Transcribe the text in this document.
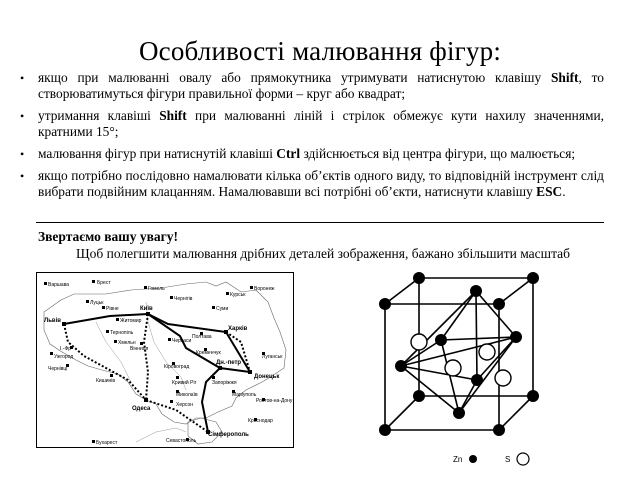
Особливості малювання фігур:
• якщо при малюванні овалу або прямокутника утримувати натиснутою клавішу Shift, то створюватимуться фігури правильної форми – круг або квадрат;
• утримання клавіші Shift при малюванні ліній і стрілок обмежує кути нахилу значеннями, кратними 15°;
• малювання фігур при натиснутій клавіші Ctrl здійснюється від центра фігури, що малюється;
• якщо потрібно послідовно намалювати кілька об’єктів одного виду, то відповідній інструмент слід вибрати подвійним клацанням. Намалювавши всі потрібні об’єкти, натиснути клавішу ESC.

Звертаємо вашу увагу!

Щоб полегшити малювання дрібних деталей зображення, бажано збільшити масштаб

Варшава	Брест
Гомель
Курськ
Воронеж
Луцьк
Рівне
Львів	Житомир
Київ
Чернігів
Суми
Тернопіль
Хмельн
Вінниця
І.-Фр
Ужгород
Чернівці
Кишинів
Черкаси
Полтава
Харків
Кременчук
Кіровоград
Дн.-петр
Запоріжжя
Донецьк
Луганськ
Кривий Ріг
Миколаїв
Херсон
Маріуполь
Ростов-на-Дону
Одеса
Сімферополь
Севастополь
Краснодар
Бухарест
Zn	S
